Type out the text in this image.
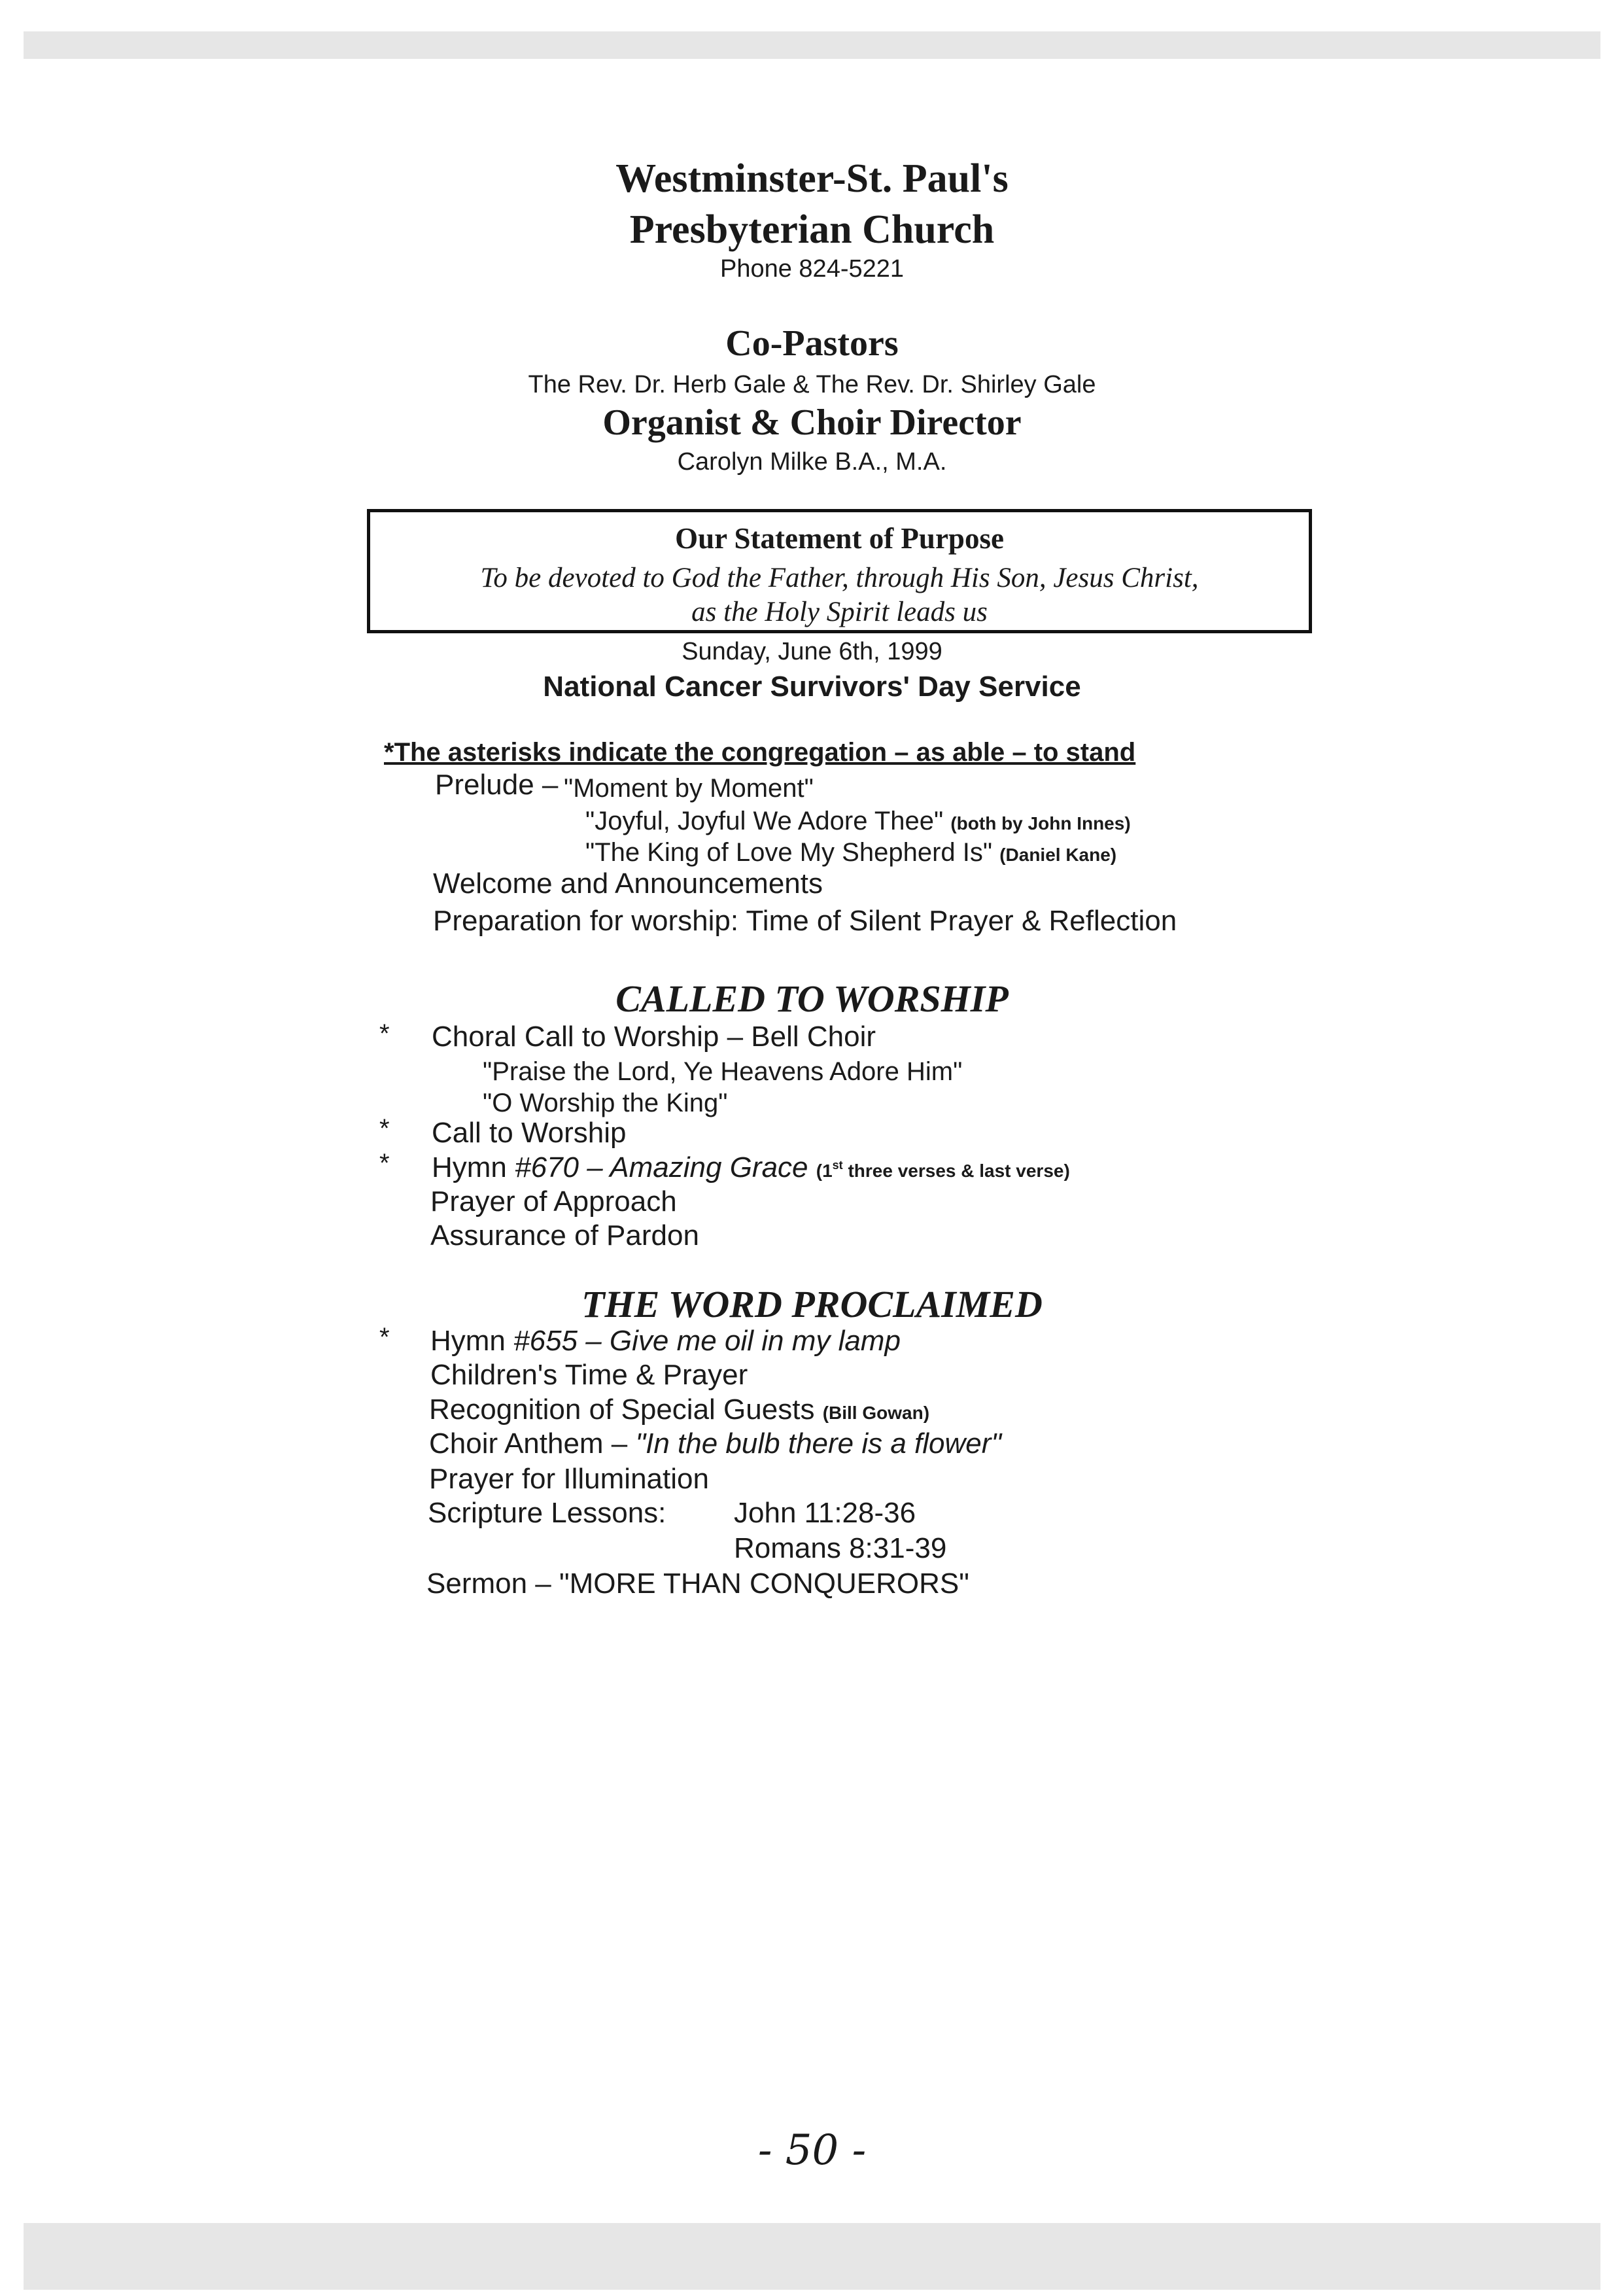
Westminster-St. Paul's
Presbyterian Church
Phone 824-5221
Co-Pastors
The Rev. Dr. Herb Gale & The Rev. Dr. Shirley Gale
Organist & Choir Director
Carolyn Milke B.A., M.A.
Our Statement of Purpose
To be devoted to God the Father, through His Son, Jesus Christ,
as the Holy Spirit leads us
Sunday, June 6th, 1999
National Cancer Survivors' Day Service
*The asterisks indicate the congregation – as able – to stand
Prelude – "Moment by Moment"
"Joyful, Joyful We Adore Thee" (both by John Innes)
"The King of Love My Shepherd Is" (Daniel Kane)
Welcome and Announcements
Preparation for worship: Time of Silent Prayer & Reflection
CALLED TO WORSHIP
* Choral Call to Worship – Bell Choir
"Praise the Lord, Ye Heavens Adore Him"
"O Worship the King"
* Call to Worship
* Hymn #670 – Amazing Grace (1st three verses & last verse)
Prayer of Approach
Assurance of Pardon
THE WORD PROCLAIMED
* Hymn #655 – Give me oil in my lamp
Children's Time & Prayer
Recognition of Special Guests (Bill Gowan)
Choir Anthem – "In the bulb there is a flower"
Prayer for Illumination
Scripture Lessons: John 11:28-36
Romans 8:31-39
Sermon – "MORE THAN CONQUERORS"
- 50 -
